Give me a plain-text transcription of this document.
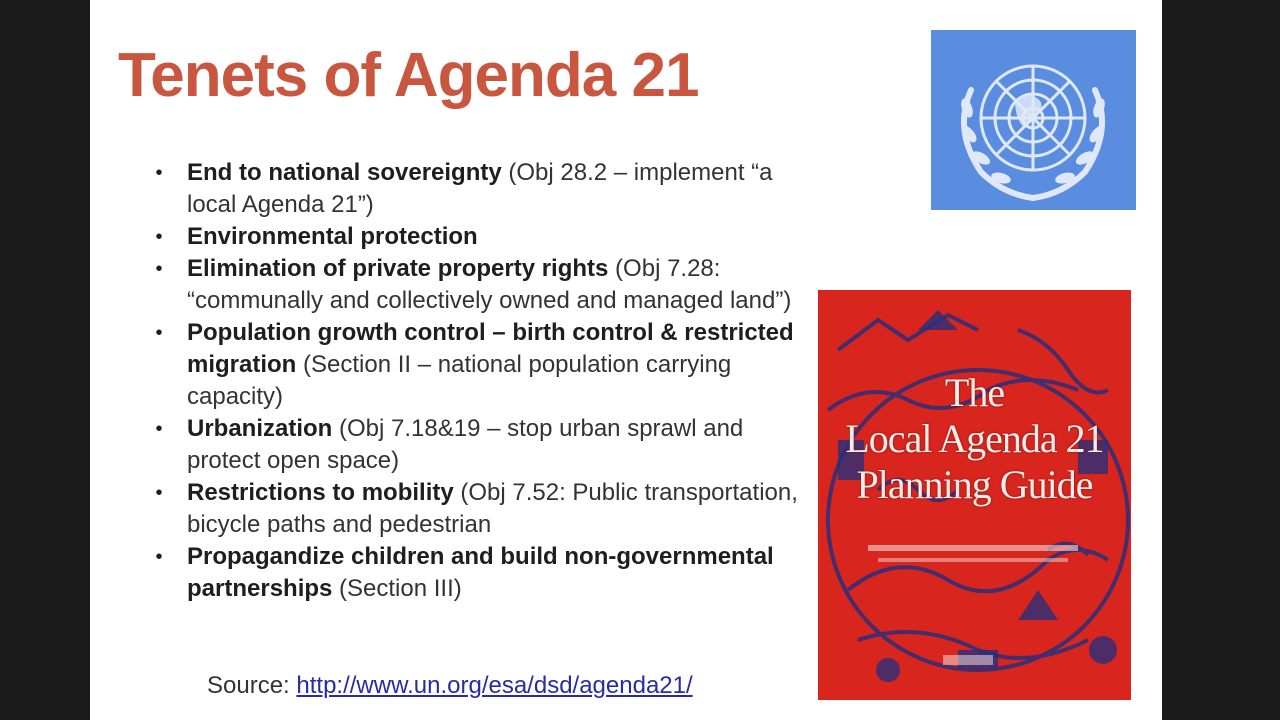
Tenets of Agenda 21
• End to national sovereignty (Obj 28.2 – implement “a local Agenda 21”)
• Environmental protection
• Elimination of private property rights (Obj 7.28: “communally and collectively owned and managed land”)
• Population growth control – birth control & restricted migration (Section II – national population carrying capacity)
• Urbanization (Obj 7.18&19 – stop urban sprawl and protect open space)
• Restrictions to mobility (Obj 7.52: Public transportation, bicycle paths and pedestrian
• Propagandize children and build non-governmental partnerships (Section III)
Source: http://www.un.org/esa/dsd/agenda21/
The
Local Agenda 21
Planning Guide
